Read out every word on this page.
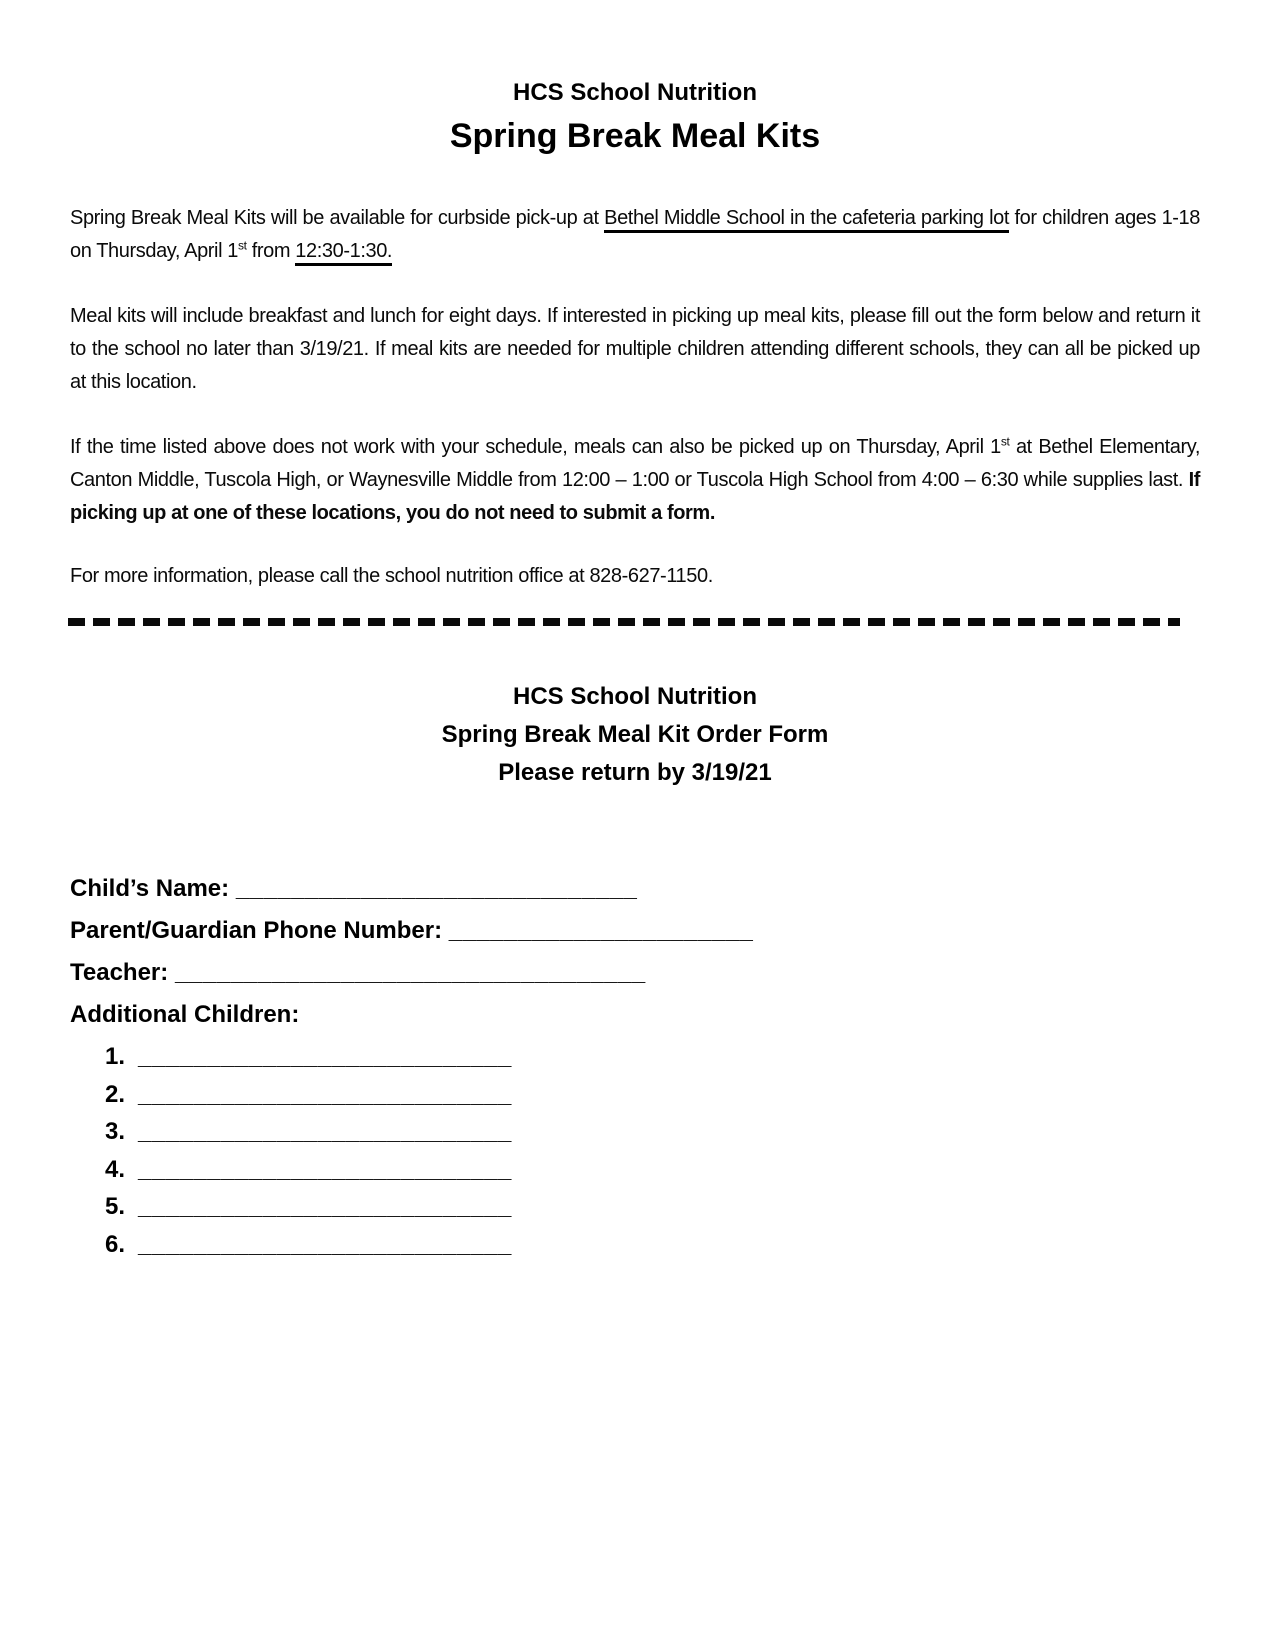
HCS School Nutrition
Spring Break Meal Kits

Spring Break Meal Kits will be available for curbside pick-up at Bethel Middle School in the cafeteria parking lot for children ages 1-18 on Thursday, April 1st from 12:30-1:30.

Meal kits will include breakfast and lunch for eight days. If interested in picking up meal kits, please fill out the form below and return it to the school no later than 3/19/21. If meal kits are needed for multiple children attending different schools, they can all be picked up at this location.

If the time listed above does not work with your schedule, meals can also be picked up on Thursday, April 1st at Bethel Elementary, Canton Middle, Tuscola High, or Waynesville Middle from 12:00 – 1:00 or Tuscola High School from 4:00 – 6:30 while supplies last. If picking up at one of these locations, you do not need to submit a form.

For more information, please call the school nutrition office at 828-627-1150.

HCS School Nutrition
Spring Break Meal Kit Order Form
Please return by 3/19/21
Child’s Name: _____________________________
Parent/Guardian Phone Number: ______________________
Teacher: __________________________________
Additional Children:
1. ___________________________
2. ___________________________
3. ___________________________
4. ___________________________
5. ___________________________
6. ___________________________
